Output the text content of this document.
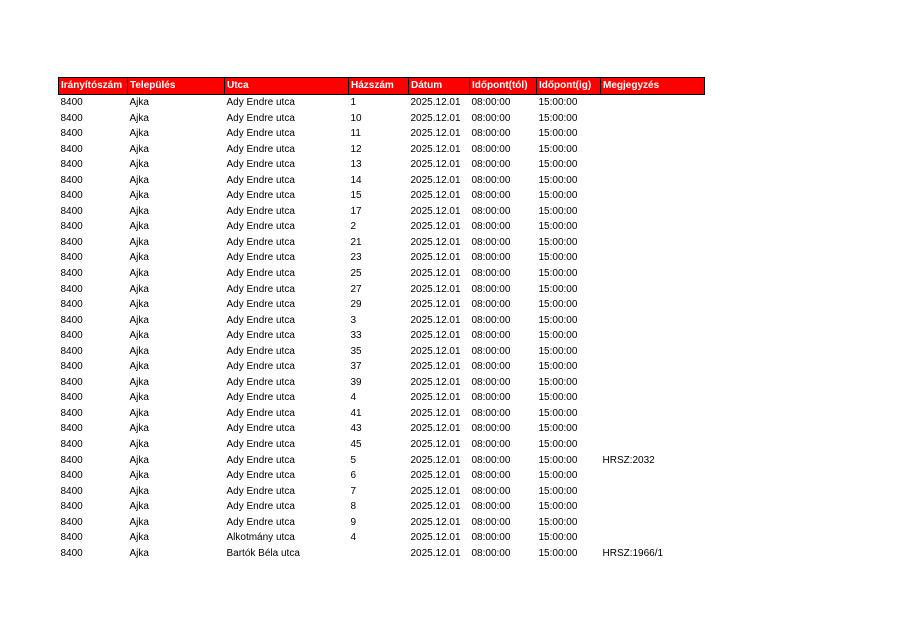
Irányítószám	Település	Utca	Házszám	Dátum	Időpont(tól)	Időpont(ig)	Megjegyzés
8400	Ajka	Ady Endre utca	1	2025.12.01	08:00:00	15:00:00	
8400	Ajka	Ady Endre utca	10	2025.12.01	08:00:00	15:00:00	
8400	Ajka	Ady Endre utca	11	2025.12.01	08:00:00	15:00:00	
8400	Ajka	Ady Endre utca	12	2025.12.01	08:00:00	15:00:00	
8400	Ajka	Ady Endre utca	13	2025.12.01	08:00:00	15:00:00	
8400	Ajka	Ady Endre utca	14	2025.12.01	08:00:00	15:00:00	
8400	Ajka	Ady Endre utca	15	2025.12.01	08:00:00	15:00:00	
8400	Ajka	Ady Endre utca	17	2025.12.01	08:00:00	15:00:00	
8400	Ajka	Ady Endre utca	2	2025.12.01	08:00:00	15:00:00	
8400	Ajka	Ady Endre utca	21	2025.12.01	08:00:00	15:00:00	
8400	Ajka	Ady Endre utca	23	2025.12.01	08:00:00	15:00:00	
8400	Ajka	Ady Endre utca	25	2025.12.01	08:00:00	15:00:00	
8400	Ajka	Ady Endre utca	27	2025.12.01	08:00:00	15:00:00	
8400	Ajka	Ady Endre utca	29	2025.12.01	08:00:00	15:00:00	
8400	Ajka	Ady Endre utca	3	2025.12.01	08:00:00	15:00:00	
8400	Ajka	Ady Endre utca	33	2025.12.01	08:00:00	15:00:00	
8400	Ajka	Ady Endre utca	35	2025.12.01	08:00:00	15:00:00	
8400	Ajka	Ady Endre utca	37	2025.12.01	08:00:00	15:00:00	
8400	Ajka	Ady Endre utca	39	2025.12.01	08:00:00	15:00:00	
8400	Ajka	Ady Endre utca	4	2025.12.01	08:00:00	15:00:00	
8400	Ajka	Ady Endre utca	41	2025.12.01	08:00:00	15:00:00	
8400	Ajka	Ady Endre utca	43	2025.12.01	08:00:00	15:00:00	
8400	Ajka	Ady Endre utca	45	2025.12.01	08:00:00	15:00:00	
8400	Ajka	Ady Endre utca	5	2025.12.01	08:00:00	15:00:00	HRSZ:2032
8400	Ajka	Ady Endre utca	6	2025.12.01	08:00:00	15:00:00	
8400	Ajka	Ady Endre utca	7	2025.12.01	08:00:00	15:00:00	
8400	Ajka	Ady Endre utca	8	2025.12.01	08:00:00	15:00:00	
8400	Ajka	Ady Endre utca	9	2025.12.01	08:00:00	15:00:00	
8400	Ajka	Alkotmány utca	4	2025.12.01	08:00:00	15:00:00	
8400	Ajka	Bartók Béla utca		2025.12.01	08:00:00	15:00:00	HRSZ:1966/1
